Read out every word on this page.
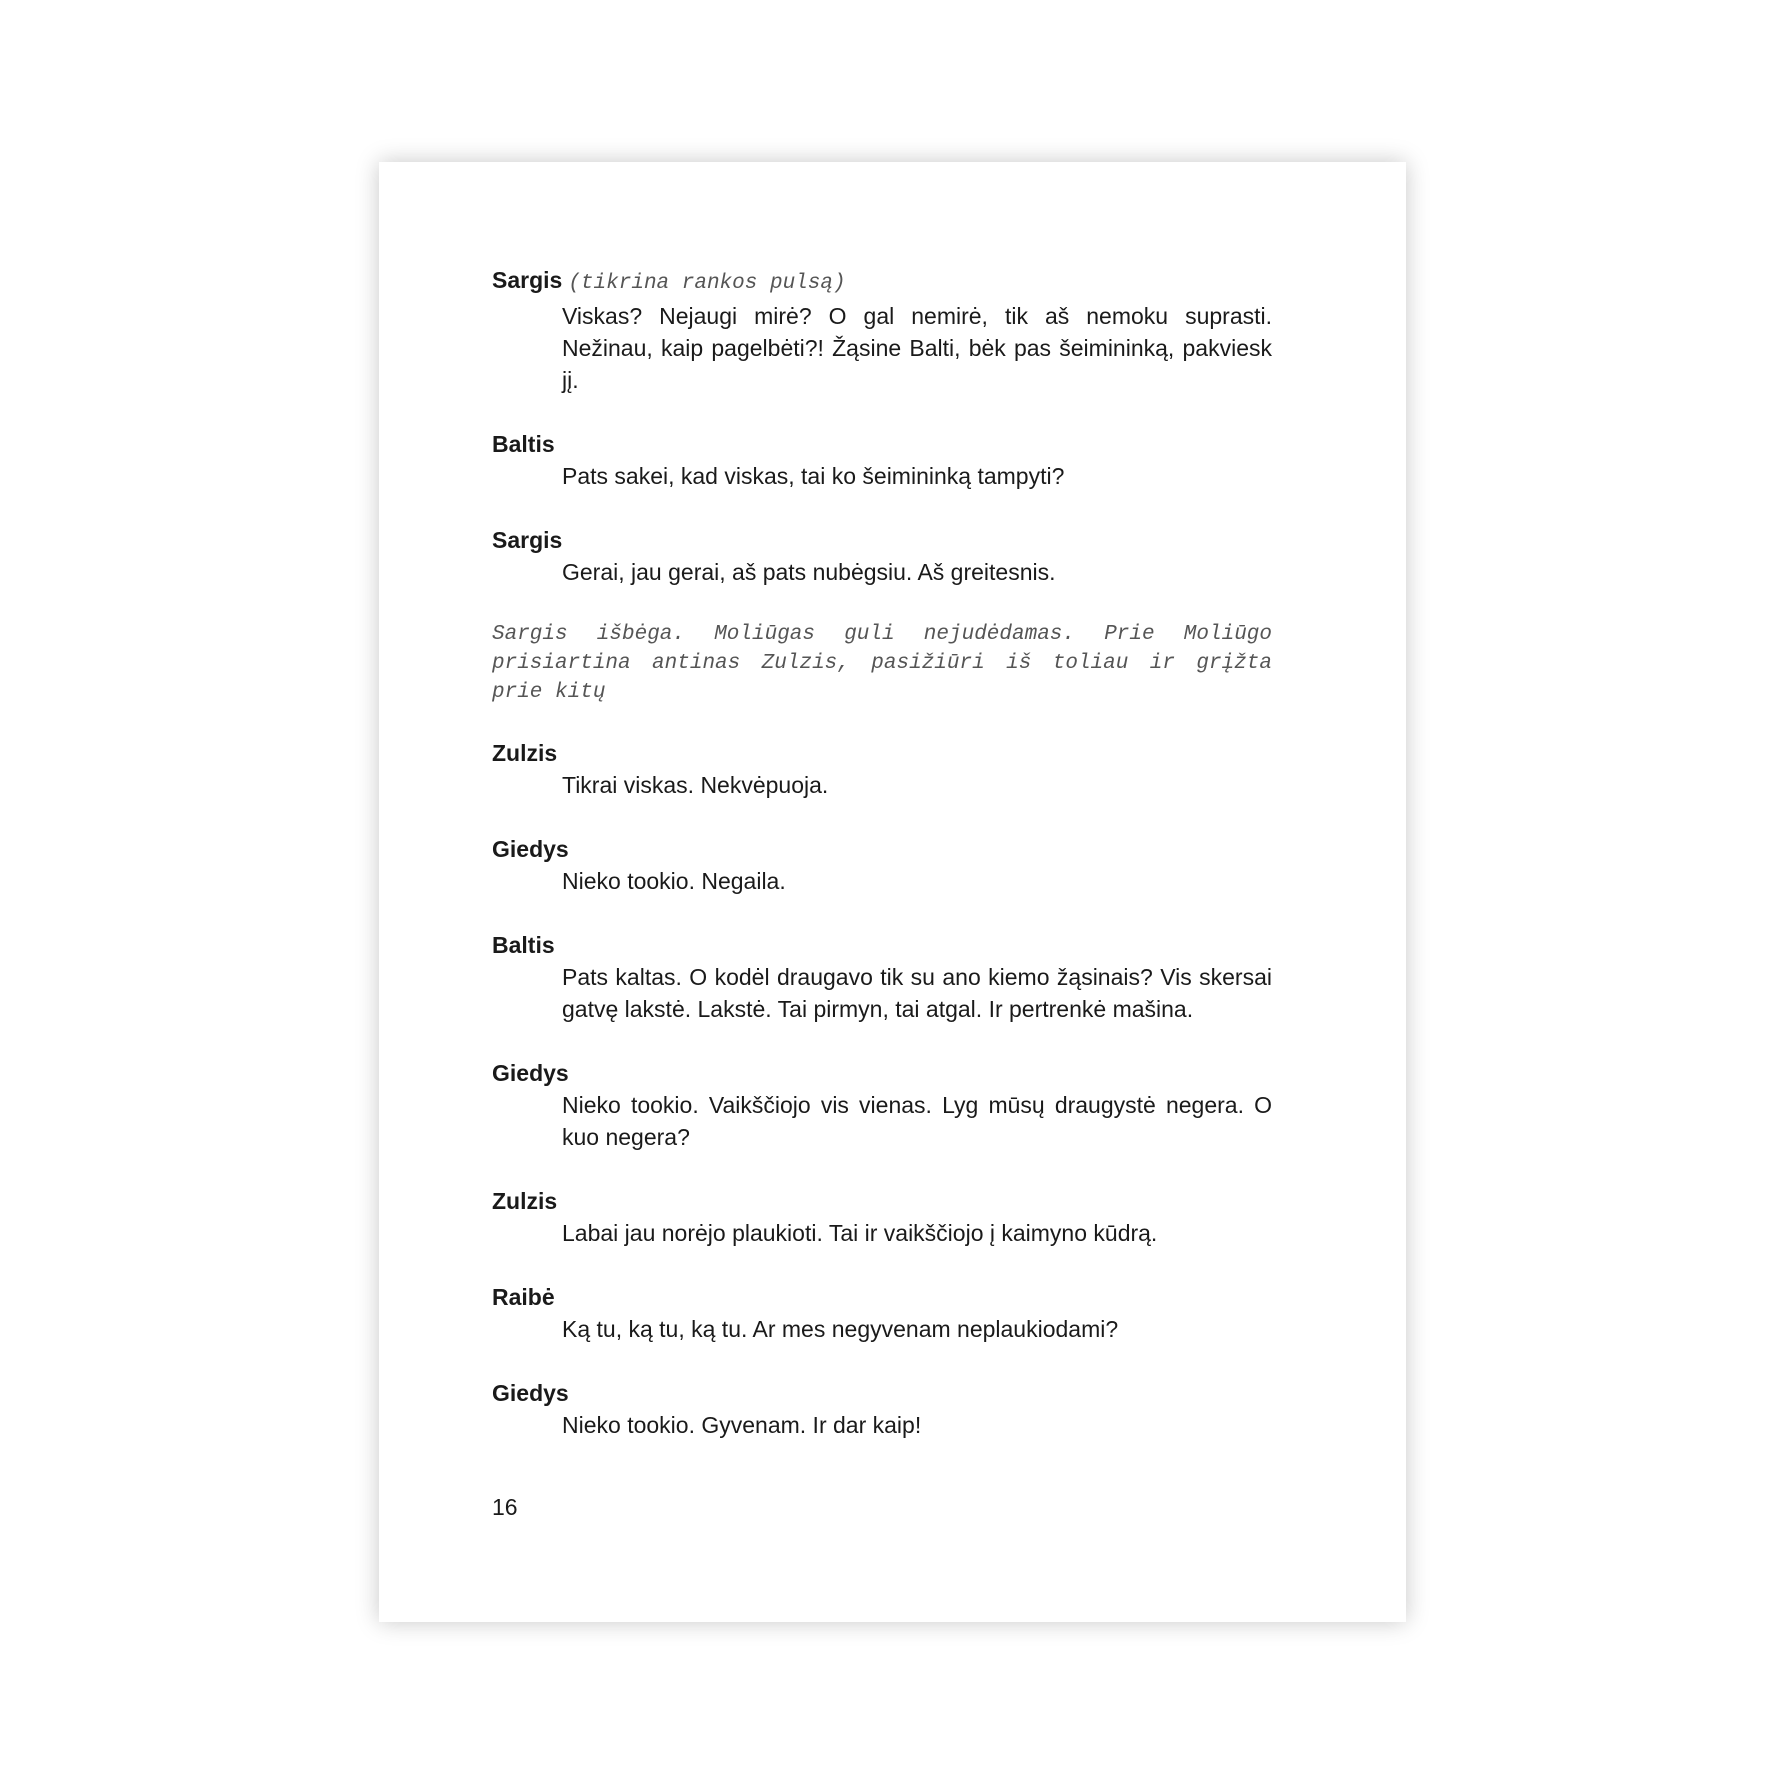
Sargis (tikrina rankos pulsą)
Viskas? Nejaugi mirė? O gal nemirė, tik aš nemoku suprasti. Nežinau, kaip pagelbėti?! Žąsine Balti, bėk pas šeimininką, pakviesk jį.
Baltis
Pats sakei, kad viskas, tai ko šeimininką tampyti?
Sargis
Gerai, jau gerai, aš pats nubėgsiu. Aš greitesnis.
Sargis išbėga. Moliūgas guli nejudėdamas. Prie Moliūgo prisiartina antinas Zulzis, pasižiūri iš toliau ir grįžta prie kitų
Zulzis
Tikrai viskas. Nekvėpuoja.
Giedys
Nieko tookio. Negaila.
Baltis
Pats kaltas. O kodėl draugavo tik su ano kiemo žąsinais? Vis skersai gatvę lakstė. Lakstė. Tai pirmyn, tai atgal. Ir pertrenkė mašina.
Giedys
Nieko tookio. Vaikščiojo vis vienas. Lyg mūsų draugystė negera. O kuo negera?
Zulzis
Labai jau norėjo plaukioti. Tai ir vaikščiojo į kaimyno kūdrą.
Raibė
Ką tu, ką tu, ką tu. Ar mes negyvenam neplaukiodami?
Giedys
Nieko tookio. Gyvenam. Ir dar kaip!
16
